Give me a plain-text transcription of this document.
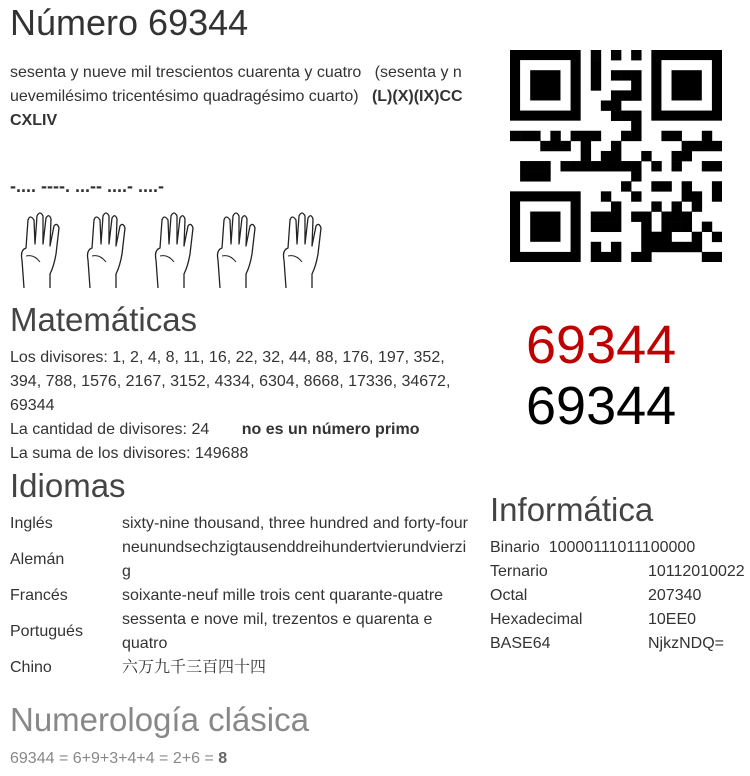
Número 69344
sesenta y nueve mil trescientos cuarenta y cuatro (sesenta y n
uevemilésimo tricentésimo quadragésimo cuarto) (L)(X)(IX)CC
CXLIV
-.... ----. ...-- ....- ....-
69344
69344
Matemáticas
Los divisores: 1, 2, 4, 8, 11, 16, 22, 32, 44, 88, 176, 197, 352,
394, 788, 1576, 2167, 3152, 4334, 6304, 8668, 17336, 34672,
69344
La cantidad de divisores: 24 no es un número primo
La suma de los divisores: 149688
Idiomas
Inglés	sixty-nine thousand, three hundred and forty-four
Alemán	neunundsechzigtausenddreihundertvierundvierzig
Francés	soixante-neuf mille trois cent quarante-quatre
Portugués	sessenta e nove mil, trezentos e quarenta e quatro
Chino	六万九千三百四十四
Informática
Binario 10000111011100000
Ternario	10112010022
Octal	207340
Hexadecimal	10EE0
BASE64	NjkzNDQ=
Numerología clásica
69344 = 6+9+3+4+4 = 2+6 = 8
